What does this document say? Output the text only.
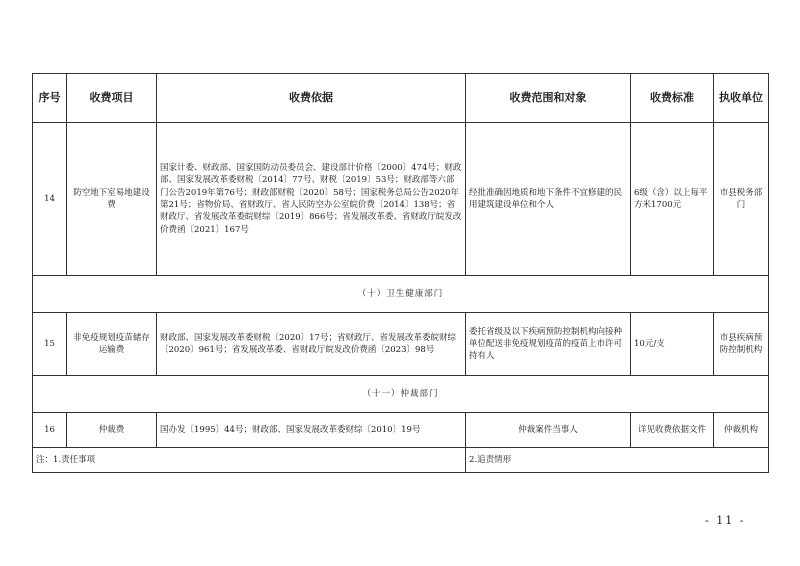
序号	收费项目	收费依据	收费范围和对象	收费标准	执收单位
14	防空地下室易地建设费	国家计委、财政部、国家国防动员委员会、建设部计价格〔2000〕474号；财政部、国家发展改革委财税〔2014〕77号、财税〔2019〕53号；财政部等六部门公告2019年第76号；财政部财税〔2020〕58号；国家税务总局公告2020年第21号；省物价局、省财政厅、省人民防空办公室皖价费〔2014〕138号；省财政厅、省发展改革委皖财综〔2019〕866号；省发展改革委、省财政厅皖发改价费函〔2021〕167号	经批准确因地质和地下条件不宜修建的民用建筑建设单位和个人	6级（含）以上每平方米1700元	市县税务部门
（十）卫生健康部门					
15	非免疫规划疫苗储存运输费	财政部、国家发展改革委财税〔2020〕17号；省财政厅、省发展改革委皖财综〔2020〕961号；省发展改革委、省财政厅皖发改价费函〔2023〕98号	委托省级及以下疾病预防控制机构向接种单位配送非免疫规划疫苗的疫苗上市许可持有人	10元/支	市县疾病预防控制机构
（十一）仲裁部门					
16	仲裁费	国办发〔1995〕44号；财政部、国家发展改革委财综〔2010〕19号	仲裁案件当事人	详见收费依据文件	仲裁机构
注：1.责任事项			2.追责情形		
- 11 -
